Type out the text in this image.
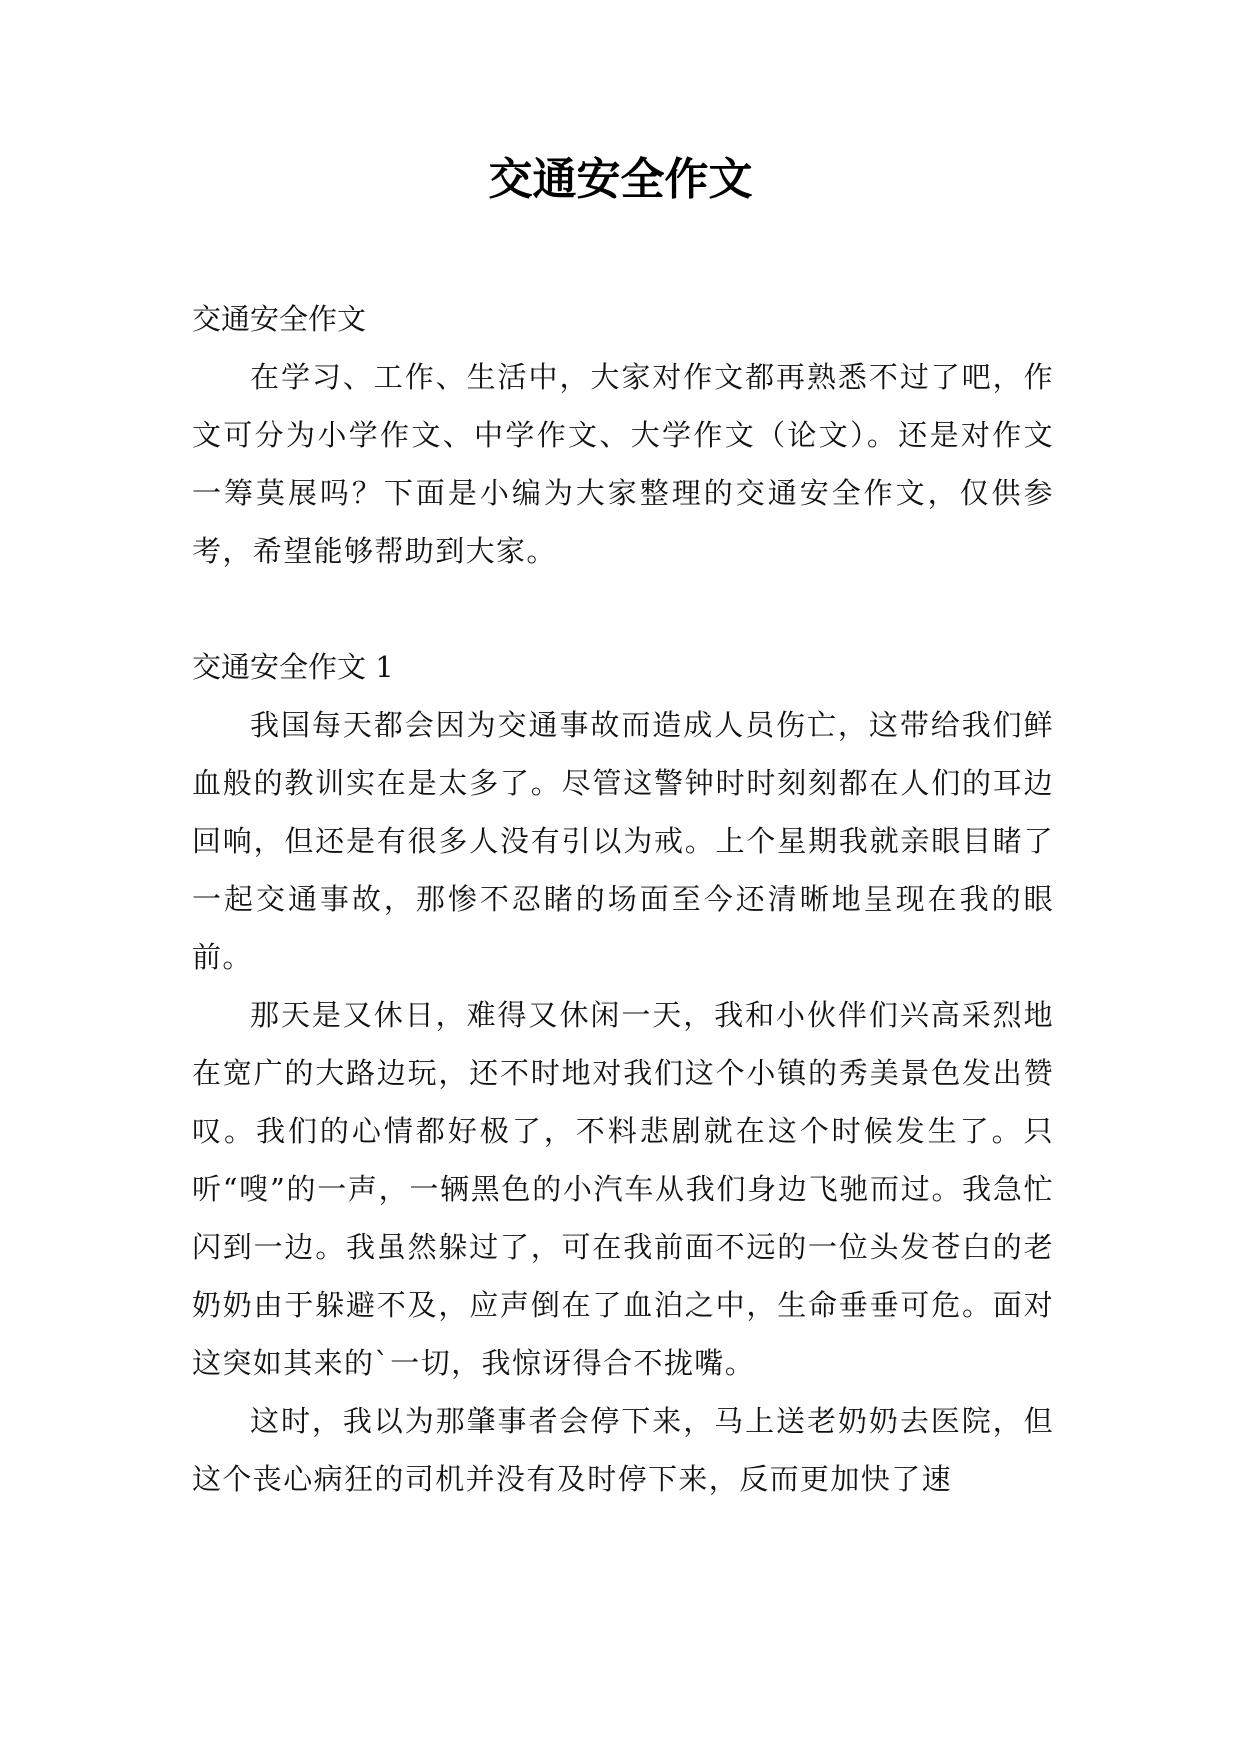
交通安全作文
交通安全作文

在学习、工作、生活中，大家对作文都再熟悉不过了吧，作文可分为小学作文、中学作文、大学作文（论文）。还是对作文一筹莫展吗？下面是小编为大家整理的交通安全作文，仅供参考，希望能够帮助到大家。

交通安全作文 1

我国每天都会因为交通事故而造成人员伤亡，这带给我们鲜血般的教训实在是太多了。尽管这警钟时时刻刻都在人们的耳边回响，但还是有很多人没有引以为戒。上个星期我就亲眼目睹了一起交通事故，那惨不忍睹的场面至今还清晰地呈现在我的眼前。

那天是又休日，难得又休闲一天，我和小伙伴们兴高采烈地在宽广的大路边玩，还不时地对我们这个小镇的秀美景色发出赞叹。我们的心情都好极了，不料悲剧就在这个时候发生了。只听“嗖”的一声，一辆黑色的小汽车从我们身边飞驰而过。我急忙闪到一边。我虽然躲过了，可在我前面不远的一位头发苍白的老奶奶由于躲避不及，应声倒在了血泊之中，生命垂垂可危。面对这突如其来的`一切，我惊讶得合不拢嘴。

这时，我以为那肇事者会停下来，马上送老奶奶去医院，但这个丧心病狂的司机并没有及时停下来，反而更加快了速
